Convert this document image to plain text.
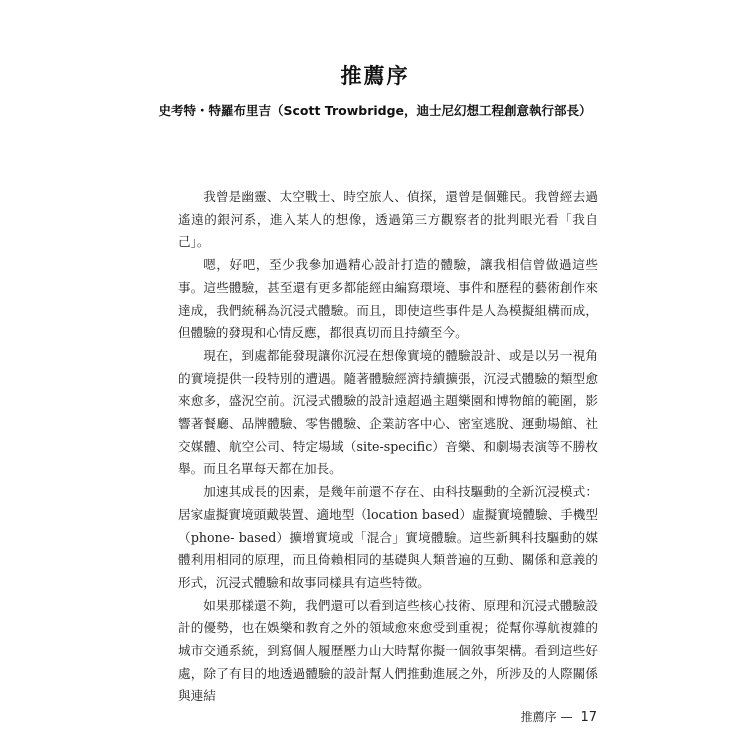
推薦序
史考特・特羅布里吉（Scott Trowbridge，迪士尼幻想工程創意執行部長）

我曾是幽靈、太空戰士、時空旅人、偵探，還曾是個難民。我曾經去過遙遠的銀河系，進入某人的想像，透過第三方觀察者的批判眼光看「我自己」。

嗯，好吧，至少我參加過精心設計打造的體驗，讓我相信曾做過這些事。這些體驗，甚至還有更多都能經由編寫環境、事件和歷程的藝術創作來達成，我們統稱為沉浸式體驗。而且，即使這些事件是人為模擬組構而成，但體驗的發現和心情反應，都很真切而且持續至今。

現在，到處都能發現讓你沉浸在想像實境的體驗設計、或是以另一視角的實境提供一段特別的遭遇。隨著體驗經濟持續擴張，沉浸式體驗的類型愈來愈多，盛況空前。沉浸式體驗的設計遠超過主題樂園和博物館的範圍，影響著餐廳、品牌體驗、零售體驗、企業訪客中心、密室逃脫、運動場館、社交媒體、航空公司、特定場域（site-specific）音樂、和劇場表演等不勝枚舉。而且名單每天都在加長。

加速其成長的因素，是幾年前還不存在、由科技驅動的全新沉浸模式：居家虛擬實境頭戴裝置、適地型（location based）虛擬實境體驗、手機型（phone- based）擴增實境或「混合」實境體驗。這些新興科技驅動的媒體利用相同的原理，而且倚賴相同的基礎與人類普遍的互動、關係和意義的形式，沉浸式體驗和故事同樣具有這些特徵。

如果那樣還不夠，我們還可以看到這些核心技術、原理和沉浸式體驗設計的優勢，也在娛樂和教育之外的領域愈來愈受到重視；從幫你導航複雜的城市交通系統，到寫個人履歷壓力山大時幫你擬一個敘事架構。看到這些好處，除了有目的地透過體驗的設計幫人們推動進展之外，所涉及的人際關係與連結

推薦序 — 17
